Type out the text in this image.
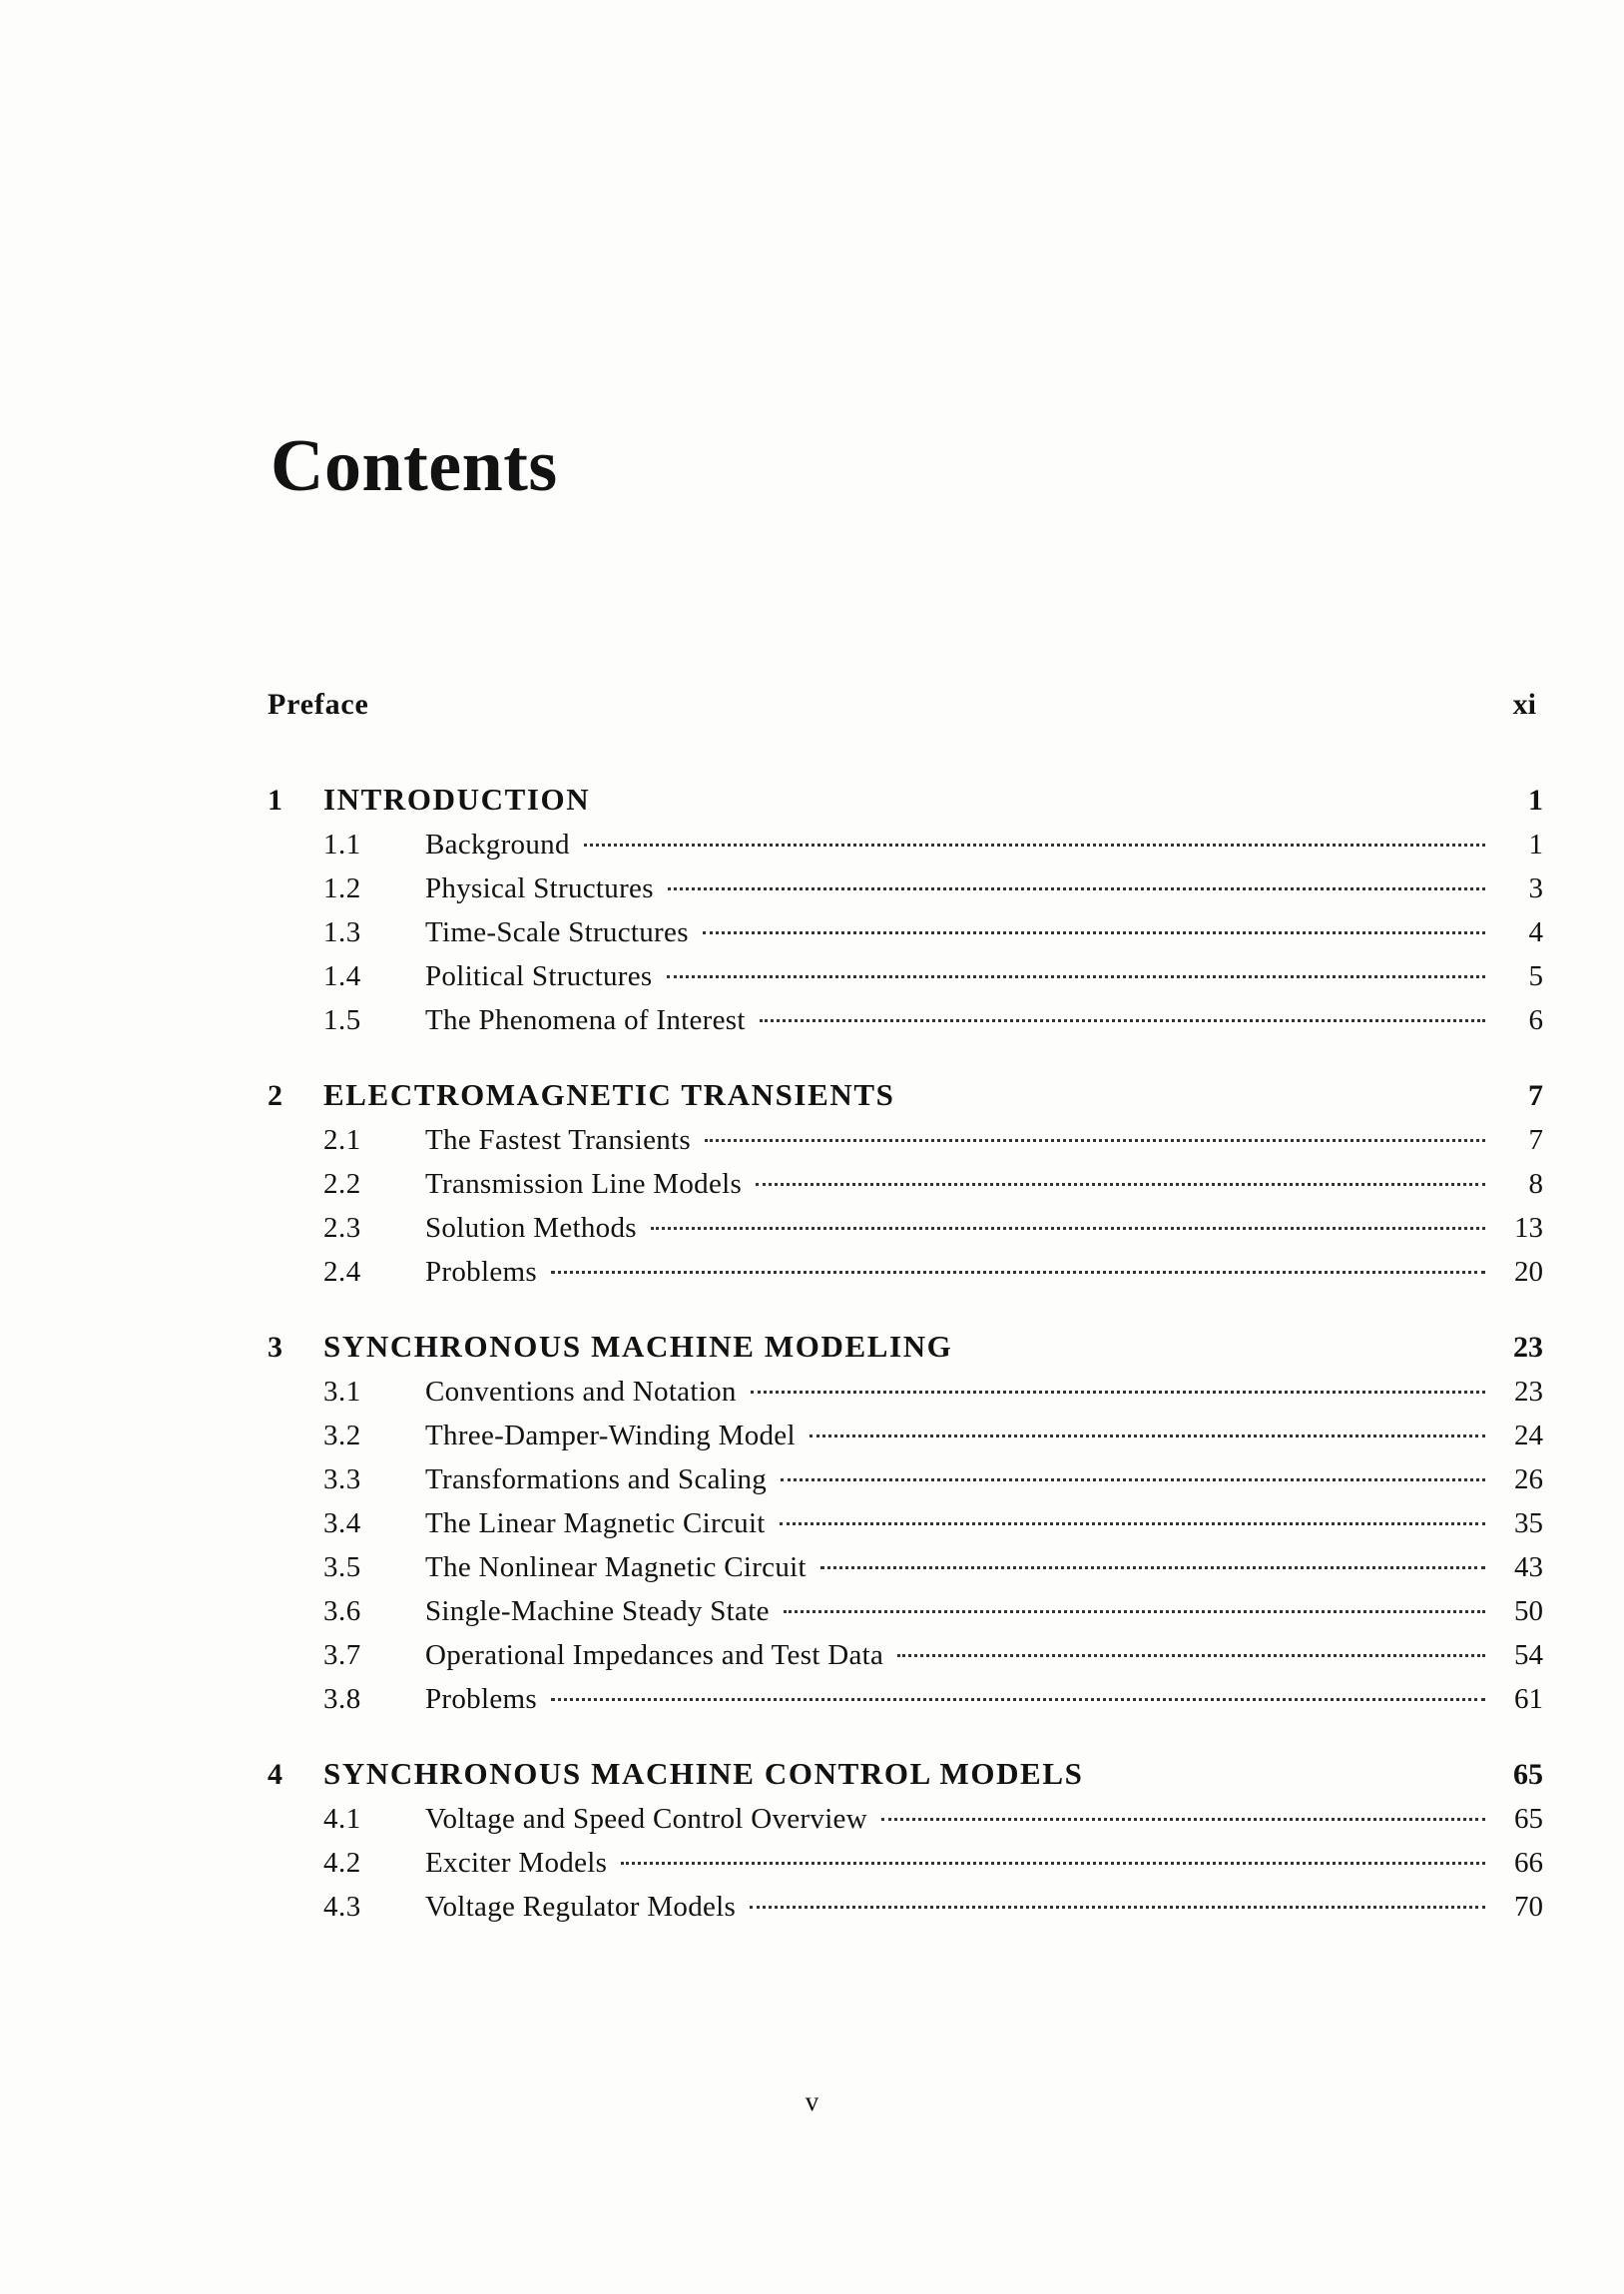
Contents
Preface	xi
1	INTRODUCTION	1
1.1	Background	1
1.2	Physical Structures	3
1.3	Time-Scale Structures	4
1.4	Political Structures	5
1.5	The Phenomena of Interest	6
2	ELECTROMAGNETIC TRANSIENTS	7
2.1	The Fastest Transients	7
2.2	Transmission Line Models	8
2.3	Solution Methods	13
2.4	Problems	20
3	SYNCHRONOUS MACHINE MODELING	23
3.1	Conventions and Notation	23
3.2	Three-Damper-Winding Model	24
3.3	Transformations and Scaling	26
3.4	The Linear Magnetic Circuit	35
3.5	The Nonlinear Magnetic Circuit	43
3.6	Single-Machine Steady State	50
3.7	Operational Impedances and Test Data	54
3.8	Problems	61
4	SYNCHRONOUS MACHINE CONTROL MODELS	65
4.1	Voltage and Speed Control Overview	65
4.2	Exciter Models	66
4.3	Voltage Regulator Models	70
v
